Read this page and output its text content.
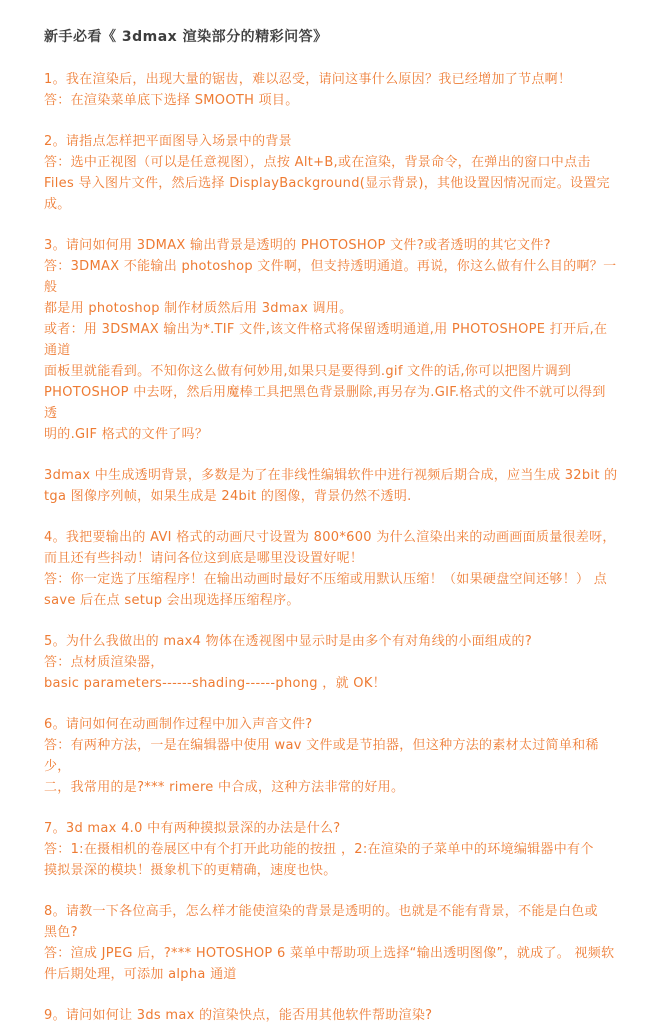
新手必看《 3dmax 渲染部分的精彩问答》
1。我在渲染后，出现大量的锯齿，难以忍受，请问这事什么原因？我已经增加了节点啊！
答：在渲染菜单底下选择 SMOOTH 项目。
2。请指点怎样把平面图导入场景中的背景
答：选中正视图（可以是任意视图），点按 Alt+B,或在渲染，背景命令，在弹出的窗口中点击
Files 导入图片文件，然后选择 DisplayBackground(显示背景)，其他设置因情况而定。设置完
成。
3。请问如何用 3DMAX 输出背景是透明的 PHOTOSHOP 文件?或者透明的其它文件?
答：3DMAX 不能输出 photoshop 文件啊，但支持透明通道。再说，你这么做有什么目的啊？一般
都是用 photoshop 制作材质然后用 3dmax 调用。
或者：用 3DSMAX 输出为*.TIF 文件,该文件格式将保留透明通道,用 PHOTOSHOPE 打开后,在通道
面板里就能看到。不知你这么做有何妙用,如果只是要得到.gif 文件的话,你可以把图片调到
PHOTOSHOP 中去呀，然后用魔棒工具把黑色背景删除,再另存为.GIF.格式的文件不就可以得到透
明的.GIF 格式的文件了吗？
3dmax 中生成透明背景，多数是为了在非线性编辑软件中进行视频后期合成，应当生成 32bit 的
tga 图像序列帧，如果生成是 24bit 的图像，背景仍然不透明.
4。我把要输出的 AVI 格式的动画尺寸设置为 800*600 为什么渲染出来的动画画面质量很差呀，
而且还有些抖动！请问各位这到底是哪里没设置好呢！
答：你一定选了压缩程序！在输出动画时最好不压缩或用默认压缩！（如果硬盘空间还够！） 点
save 后在点 setup 会出现选择压缩程序。
5。为什么我做出的 max4 物体在透视图中显示时是由多个有对角线的小面组成的?
答：点材质渲染器，
basic parameters------shading------phong ，就 OK！
6。请问如何在动画制作过程中加入声音文件?
答：有两种方法，一是在编辑器中使用 wav 文件或是节拍器，但这种方法的素材太过简单和稀少，
二，我常用的是?*** rimere 中合成，这种方法非常的好用。
7。3d max 4.0 中有两种摸拟景深的办法是什么?
答：1:在摄相机的卷展区中有个打开此功能的按扭 ，2:在渲染的子菜单中的环境编辑器中有个
摸拟景深的模块！摄象机下的更精确，速度也快。
8。请教一下各位高手，怎么样才能使渲染的背景是透明的。也就是不能有背景，不能是白色或
黑色?
答：渲成 JPEG 后，?*** HOTOSHOP 6 菜单中帮助项上选择“输出透明图像”，就成了。 视频软
件后期处理，可添加 alpha 通道
9。请问如何让 3ds max 的渲染快点，能否用其他软件帮助渲染?
